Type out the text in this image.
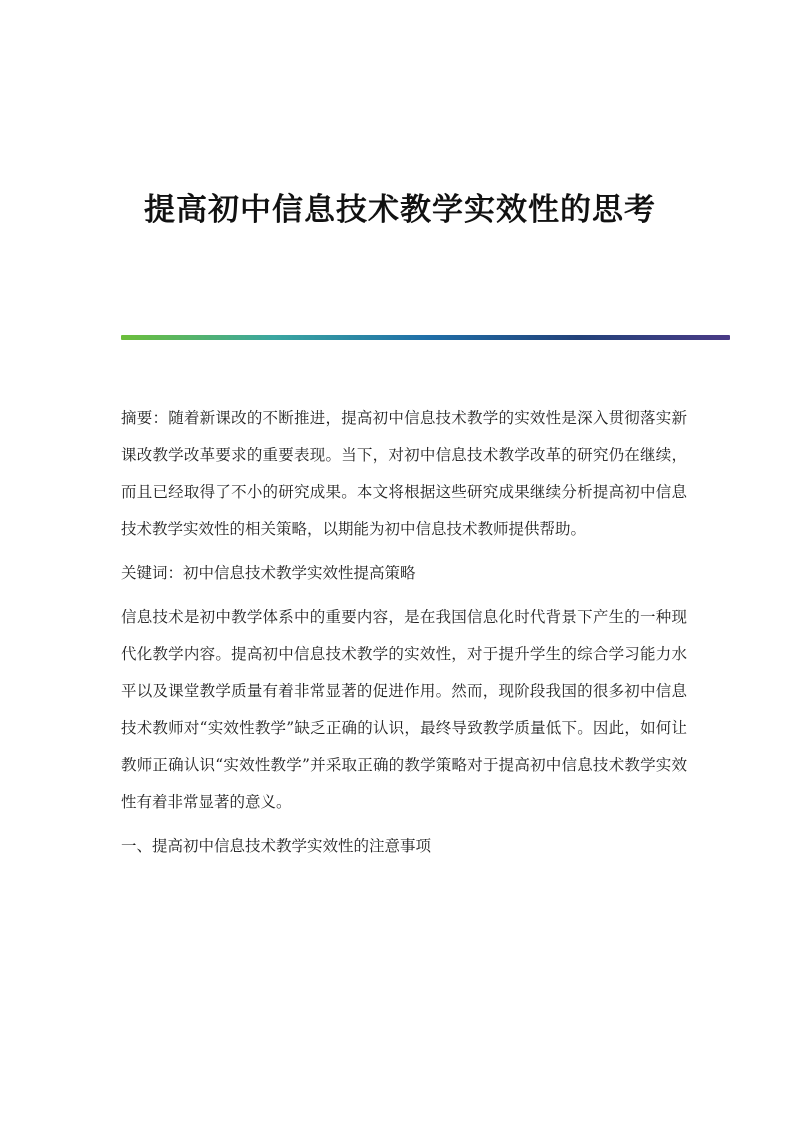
提高初中信息技术教学实效性的思考

摘要：随着新课改的不断推进，提高初中信息技术教学的实效性是深入贯彻落实新课改教学改革要求的重要表现。当下，对初中信息技术教学改革的研究仍在继续，而且已经取得了不小的研究成果。本文将根据这些研究成果继续分析提高初中信息技术教学实效性的相关策略，以期能为初中信息技术教师提供帮助。

关键词：初中信息技术教学实效性提高策略

信息技术是初中教学体系中的重要内容，是在我国信息化时代背景下产生的一种现代化教学内容。提高初中信息技术教学的实效性，对于提升学生的综合学习能力水平以及课堂教学质量有着非常显著的促进作用。然而，现阶段我国的很多初中信息技术教师对“实效性教学”缺乏正确的认识，最终导致教学质量低下。因此，如何让教师正确认识“实效性教学”并采取正确的教学策略对于提高初中信息技术教学实效性有着非常显著的意义。

一、提高初中信息技术教学实效性的注意事项
